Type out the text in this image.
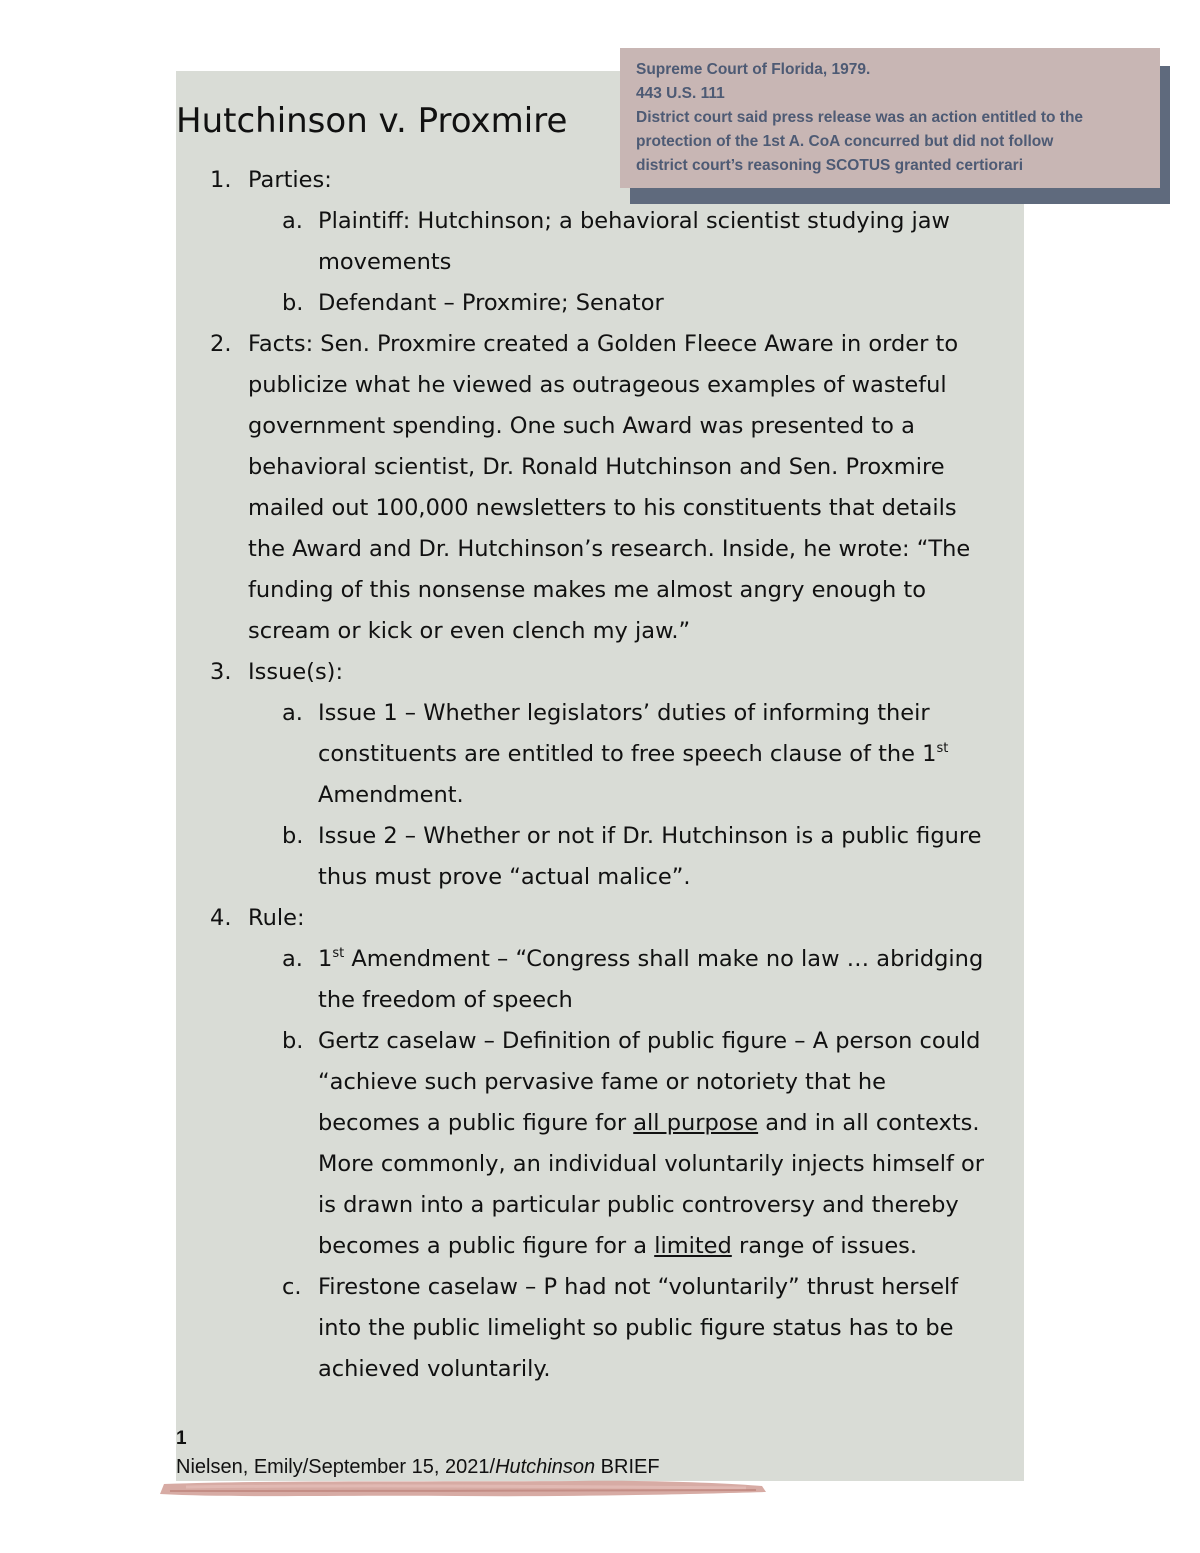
Hutchinson v. Proxmire
1. Parties:
a. Plaintiff: Hutchinson; a behavioral scientist studying jaw
movements
b. Defendant – Proxmire; Senator
2. Facts: Sen. Proxmire created a Golden Fleece Aware in order to
publicize what he viewed as outrageous examples of wasteful
government spending. One such Award was presented to a
behavioral scientist, Dr. Ronald Hutchinson and Sen. Proxmire
mailed out 100,000 newsletters to his constituents that details
the Award and Dr. Hutchinson’s research. Inside, he wrote: “The
funding of this nonsense makes me almost angry enough to
scream or kick or even clench my jaw.”
3. Issue(s):
a. Issue 1 – Whether legislators’ duties of informing their
constituents are entitled to free speech clause of the 1st
Amendment.
b. Issue 2 – Whether or not if Dr. Hutchinson is a public figure
thus must prove “actual malice”.
4. Rule:
a. 1st Amendment – “Congress shall make no law … abridging
the freedom of speech
b. Gertz caselaw – Definition of public figure – A person could
“achieve such pervasive fame or notoriety that he
becomes a public figure for all purpose and in all contexts.
More commonly, an individual voluntarily injects himself or
is drawn into a particular public controversy and thereby
becomes a public figure for a limited range of issues.
c. Firestone caselaw – P had not “voluntarily” thrust herself
into the public limelight so public figure status has to be
achieved voluntarily.
Supreme Court of Florida, 1979.
443 U.S. 111
District court said press release was an action entitled to the
protection of the 1st A. CoA concurred but did not follow
district court’s reasoning SCOTUS granted certiorari
1
Nielsen, Emily/September 15, 2021/Hutchinson BRIEF
